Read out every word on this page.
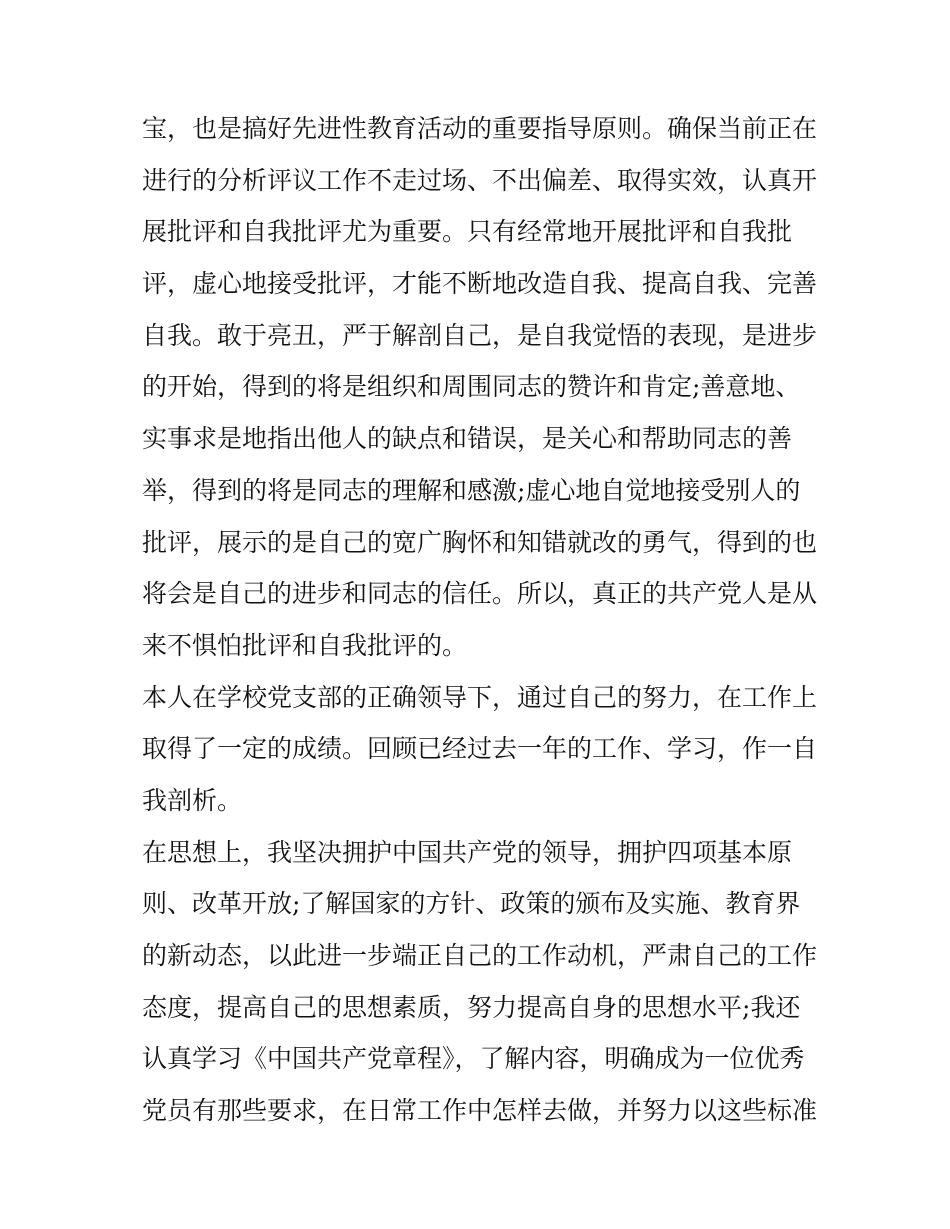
宝，也是搞好先进性教育活动的重要指导原则。确保当前正在
进行的分析评议工作不走过场、不出偏差、取得实效，认真开
展批评和自我批评尤为重要。只有经常地开展批评和自我批
评，虚心地接受批评，才能不断地改造自我、提高自我、完善
自我。敢于亮丑，严于解剖自己，是自我觉悟的表现，是进步
的开始，得到的将是组织和周围同志的赞许和肯定;善意地、
实事求是地指出他人的缺点和错误，是关心和帮助同志的善
举，得到的将是同志的理解和感激;虚心地自觉地接受别人的
批评，展示的是自己的宽广胸怀和知错就改的勇气，得到的也
将会是自己的进步和同志的信任。所以，真正的共产党人是从
来不惧怕批评和自我批评的。
本人在学校党支部的正确领导下，通过自己的努力，在工作上
取得了一定的成绩。回顾已经过去一年的工作、学习，作一自
我剖析。
在思想上，我坚决拥护中国共产党的领导，拥护四项基本原
则、改革开放;了解国家的方针、政策的颁布及实施、教育界
的新动态，以此进一步端正自己的工作动机，严肃自己的工作
态度，提高自己的思想素质，努力提高自身的思想水平;我还
认真学习《中国共产党章程》，了解内容，明确成为一位优秀
党员有那些要求，在日常工作中怎样去做，并努力以这些标准
